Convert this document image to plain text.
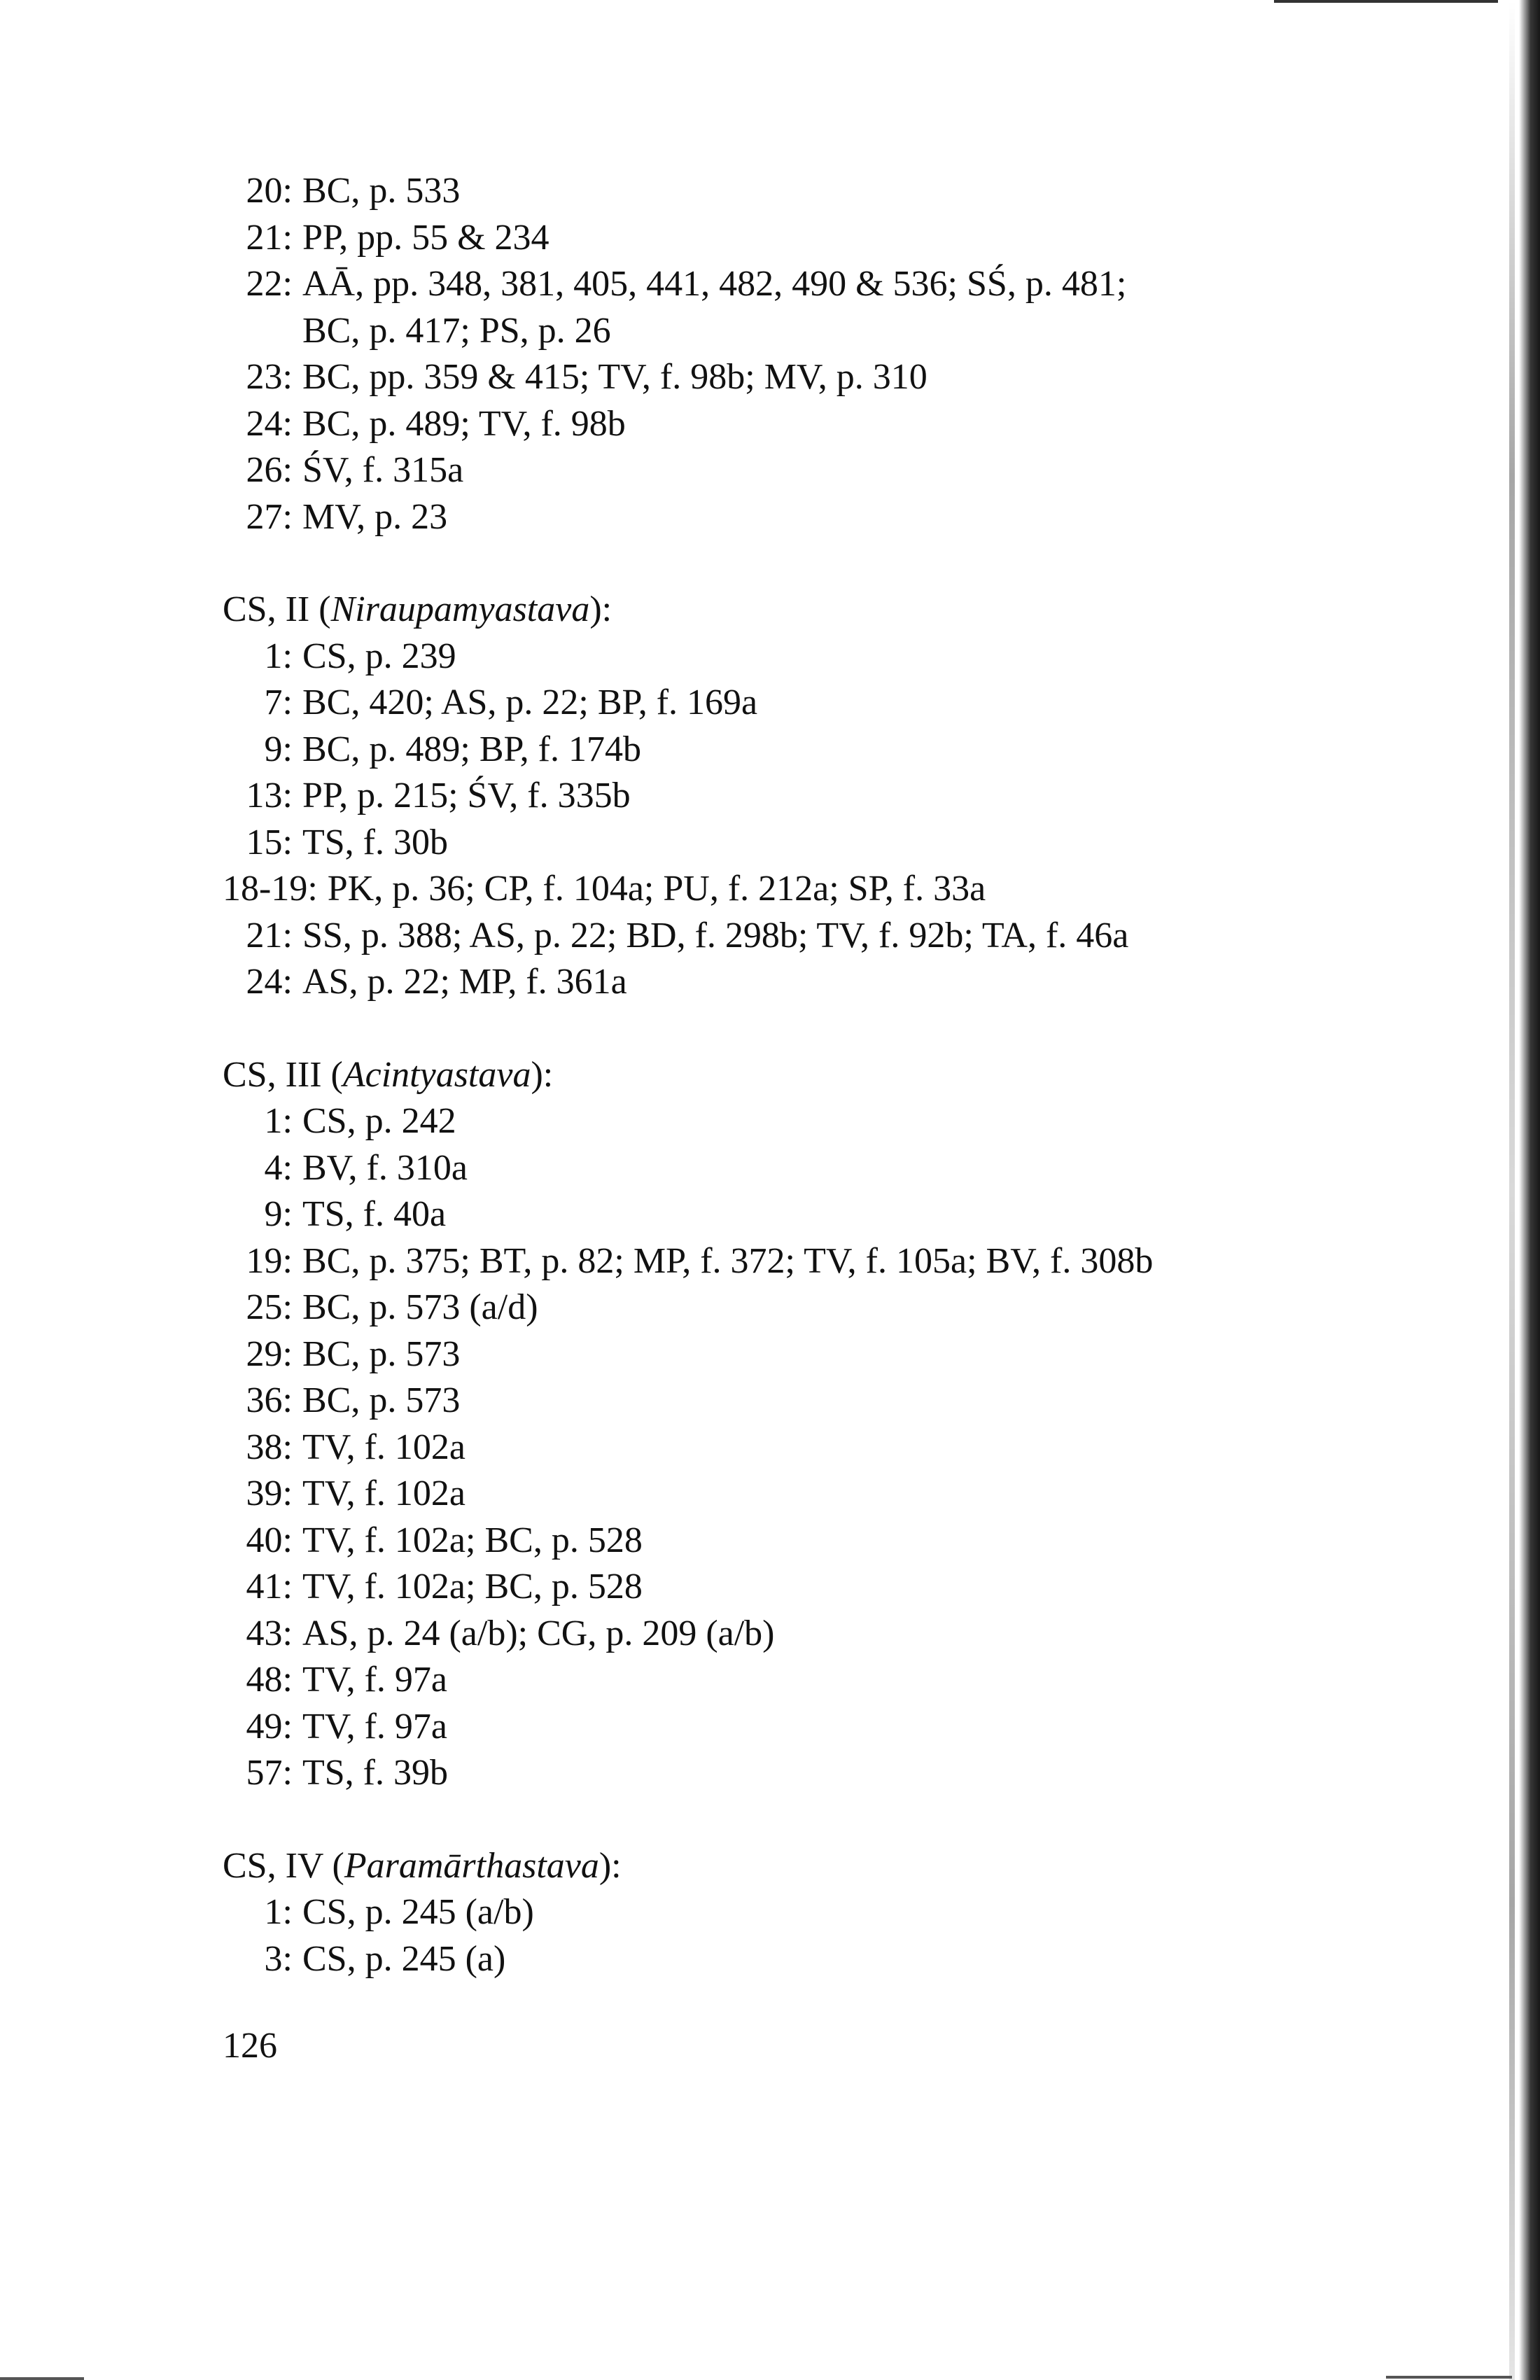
20: BC, p. 533
21: PP, pp. 55 & 234
22: AĀ, pp. 348, 381, 405, 441, 482, 490 & 536; SŚ, p. 481;
BC, p. 417; PS, p. 26
23: BC, pp. 359 & 415; TV, f. 98b; MV, p. 310
24: BC, p. 489; TV, f. 98b
26: ŚV, f. 315a
27: MV, p. 23
CS, II (Niraupamyastava):
1: CS, p. 239
7: BC, 420; AS, p. 22; BP, f. 169a
9: BC, p. 489; BP, f. 174b
13: PP, p. 215; ŚV, f. 335b
15: TS, f. 30b
18-19: PK, p. 36; CP, f. 104a; PU, f. 212a; SP, f. 33a
21: SS, p. 388; AS, p. 22; BD, f. 298b; TV, f. 92b; TA, f. 46a
24: AS, p. 22; MP, f. 361a
CS, III (Acintyastava):
1: CS, p. 242
4: BV, f. 310a
9: TS, f. 40a
19: BC, p. 375; BT, p. 82; MP, f. 372; TV, f. 105a; BV, f. 308b
25: BC, p. 573 (a/d)
29: BC, p. 573
36: BC, p. 573
38: TV, f. 102a
39: TV, f. 102a
40: TV, f. 102a; BC, p. 528
41: TV, f. 102a; BC, p. 528
43: AS, p. 24 (a/b); CG, p. 209 (a/b)
48: TV, f. 97a
49: TV, f. 97a
57: TS, f. 39b
CS, IV (Paramārthastava):
1: CS, p. 245 (a/b)
3: CS, p. 245 (a)
126
